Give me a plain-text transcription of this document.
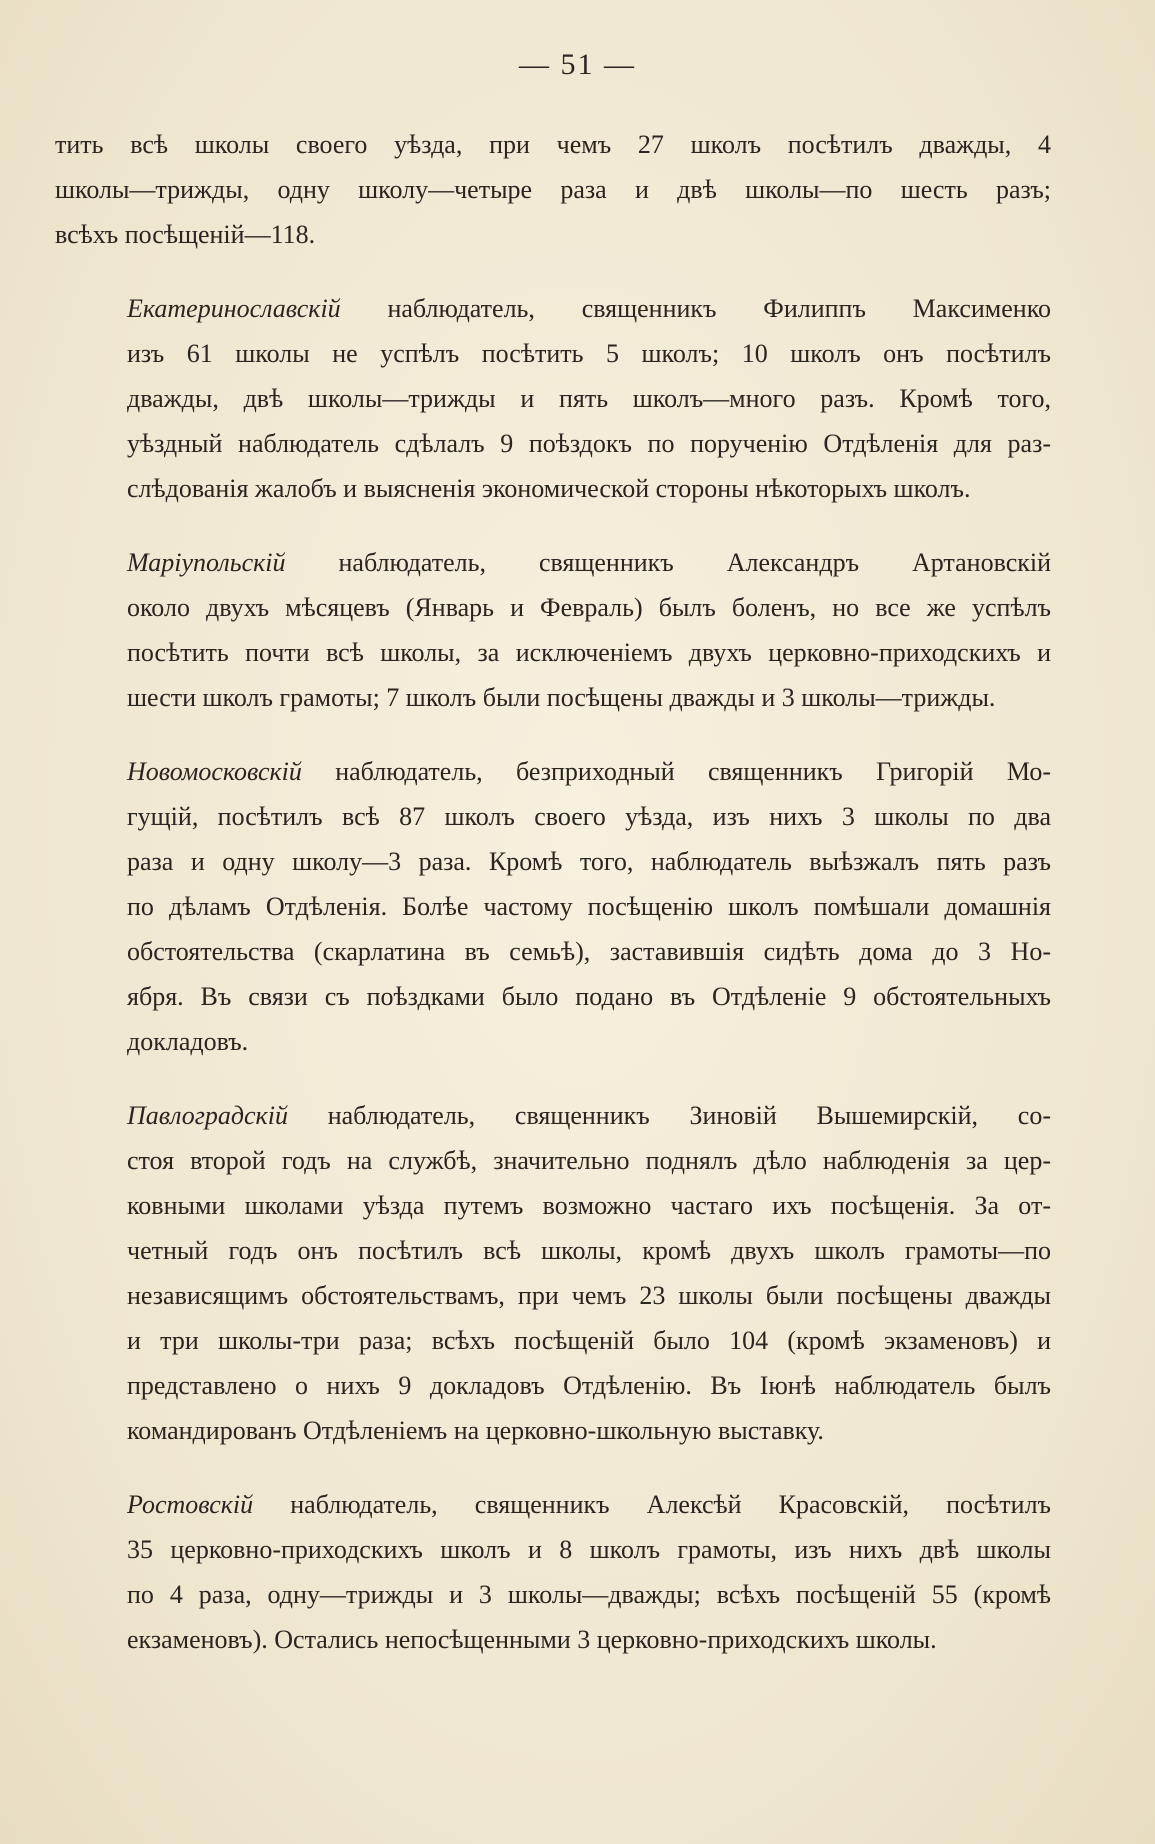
— 51 —

тить всѣ школы своего уѣзда, при чемъ 27 школъ посѣтилъ дважды, 4
школы—трижды, одну школу—четыре раза и двѣ школы—по шесть разъ;
всѣхъ посѣщеній—118.

Екатеринославскій наблюдатель, священникъ Филиппъ Максименко
изъ 61 школы не успѣлъ посѣтить 5 школъ; 10 школъ онъ посѣтилъ
дважды, двѣ школы—трижды и пять школъ—много разъ. Кромѣ того,
уѣздный наблюдатель сдѣлалъ 9 поѣздокъ по порученію Отдѣленія для раз-
слѣдованія жалобъ и выясненія экономической стороны нѣкоторыхъ школъ.

Маріупольскій наблюдатель, священникъ Александръ Артановскій
около двухъ мѣсяцевъ (Январь и Февраль) былъ боленъ, но все же успѣлъ
посѣтить почти всѣ школы, за исключеніемъ двухъ церковно-приходскихъ и
шести школъ грамоты; 7 школъ были посѣщены дважды и 3 школы—трижды.

Новомосковскій наблюдатель, безприходный священникъ Григорій Мо-
гущій, посѣтилъ всѣ 87 школъ своего уѣзда, изъ нихъ 3 школы по два
раза и одну школу—3 раза. Кромѣ того, наблюдатель выѣзжалъ пять разъ
по дѣламъ Отдѣленія. Болѣе частому посѣщенію школъ помѣшали домашнія
обстоятельства (скарлатина въ семьѣ), заставившія сидѣть дома до 3 Но-
ября. Въ связи съ поѣздками было подано въ Отдѣленіе 9 обстоятельныхъ
докладовъ.

Павлоградскій наблюдатель, священникъ Зиновій Вышемирскій, со-
стоя второй годъ на службѣ, значительно поднялъ дѣло наблюденія за цер-
ковными школами уѣзда путемъ возможно частаго ихъ посѣщенія. За от-
четный годъ онъ посѣтилъ всѣ школы, кромѣ двухъ школъ грамоты—по
независящимъ обстоятельствамъ, при чемъ 23 школы были посѣщены дважды
и три школы-три раза; всѣхъ посѣщеній было 104 (кромѣ экзаменовъ) и
представлено о нихъ 9 докладовъ Отдѣленію. Въ Іюнѣ наблюдатель былъ
командированъ Отдѣленіемъ на церковно-школьную выставку.

Ростовскій наблюдатель, священникъ Алексѣй Красовскій, посѣтилъ
35 церковно-приходскихъ школъ и 8 школъ грамоты, изъ нихъ двѣ школы
по 4 раза, одну—трижды и 3 школы—дважды; всѣхъ посѣщеній 55 (кромѣ
екзаменовъ). Остались непосѣщенными 3 церковно-приходскихъ школы.
